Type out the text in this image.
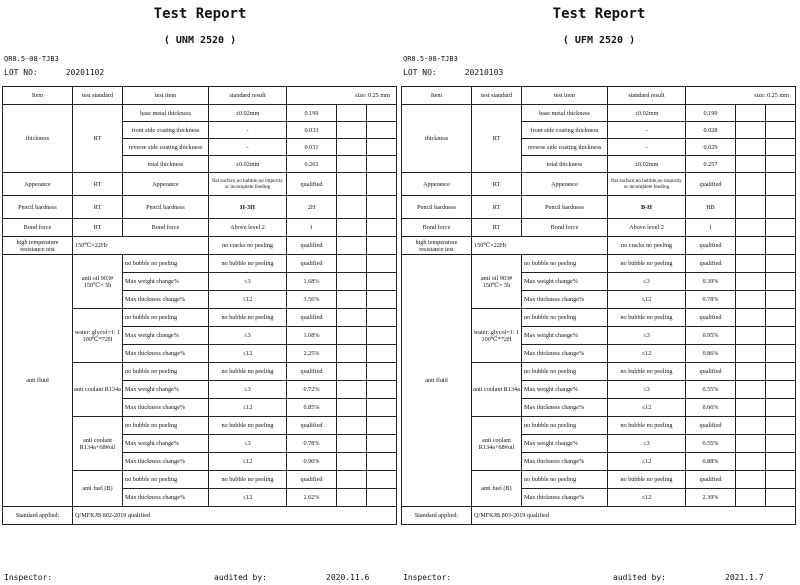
Test Report
( UNM 2520 )
QR8.5-08-TJB3
LOT NO:	20201102
Item	test standard	test item	standard result	size: 0.25 mm		
thickness	RT	base metal thickness	±0.02mm	0.199		
		front side coating thickness	-	0.033		
		reverse side coating thickness	-	0.031		
		total thickness	±0.02mm	0.263		
Apperance	RT	Apperance	flat surface,no bubble,no impurity or incomplete feeding	qualified		
Pencil hardness	RT	Pencil hardness	H-3H	2H		
Bond force	RT	Bond force	Above level 2	1		
high temperature resistance test	150℃×22Hr		no cracks no peeling	qualified		
anti fluid	anti oil 903# 150℃× 5h	no bubble no peeling	no bubble no peeling	qualified		
		Max weight change%	≤3	1.68%		
		Max thickness change%	≤12	3.56%		
	water: glycol=1: 1 100℃*72H	no bubble no peeling	no bubble no peeling	qualified		
		Max weight change%	≤3	1.08%		
		Max thickness change%	≤12	2.25%		
	anti coolant R134a	no bubble no peeling	no bubble no peeling	qualified		
		Max weight change%	≤3	0.72%		
		Max thickness change%	≤12	0.85%		
	anti coolant R134a+68#oil	no bubble no peeling	no bubble no peeling	qualified		
		Max weight change%	≤3	0.78%		
		Max thickness change%	≤12	0.90%		
	anti fuel (B)	no bubble no peeling	no bubble no peeling	qualified		
		Max thickness change%	≤12	2.62%		
Standard applied:	Q/MFKJB 802-2019 qualified					
Inspector:	audited by:	2020.11.6
Test Report
( UFM 2520 )
QR8.5-08-TJB3
LOT NO:	20210103
Item	test standard	test item	standard result	size: 0.25 mm		
thickness	RT	base metal thickness	±0.02mm	0.199		
		front side coating thickness	-	0.028		
		reverse side coating thickness	-	0.029		
		total thickness	±0.02mm	0.257		
Apperance	RT	Apperance	flat surface,no bubble,no impurity or incomplete feeding	qualified		
Pencil hardness	RT	Pencil hardness	B-H	HB		
Bond force	RT	Bond force	Above level 2	1		
high temperature resistance test	150℃×22Hr		no cracks no peeling	qualified		
anti fluid	anti oil 903# 150℃× 5h	no bubble no peeling	no bubble no peeling	qualified		
		Max weight change%	≤3	0.39%		
		Max thickness change%	≤12	0.78%		
	water: glycol=1: 1 100℃*72H	no bubble no peeling	no bubble no peeling	qualified		
		Max weight change%	≤3	0.95%		
		Max thickness change%	≤12	0.86%		
	anti coolant R134a	no bubble no peeling	no bubble no peeling	qualified		
		Max weight change%	≤3	0.55%		
		Max thickness change%	≤12	0.66%		
	anti coolant R134a+68#oil	no bubble no peeling	no bubble no peeling	qualified		
		Max weight change%	≤3	0.55%		
		Max thickness change%	≤12	0.88%		
	anti fuel (B)	no bubble no peeling	no bubble no peeling	qualified		
		Max thickness change%	≤12	2.39%		
Standard applied:	Q/MFKJB 803-2019 qualified					
Inspector:	audited by:	2021.1.7
